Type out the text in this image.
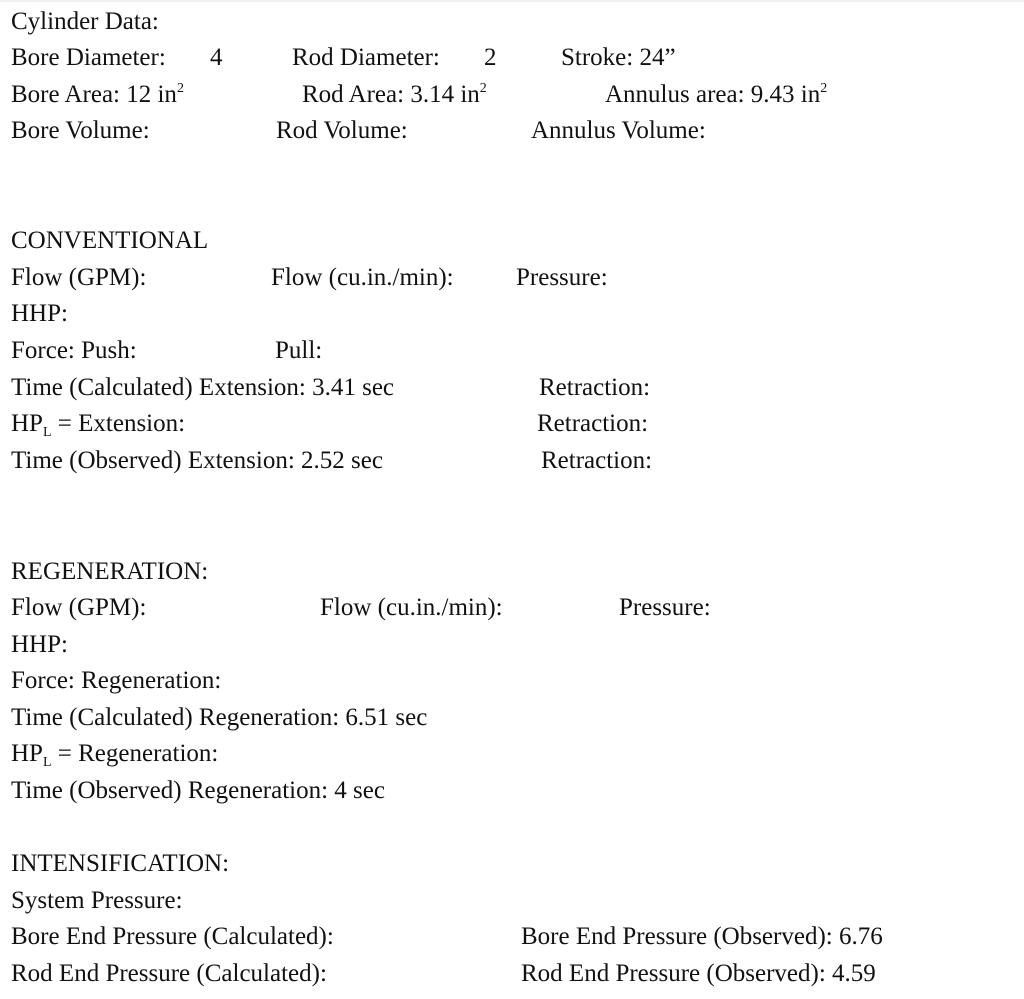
Cylinder Data:
Bore Diameter: 4	Rod Diameter: 2	Stroke: 24”
Bore Area: 12 $in^2$	Rod Area: 3.14 $in^2$	Annulus area: 9.43 $in^2$
Bore Volume:	Rod Volume:	Annulus Volume:
CONVENTIONAL
Flow (GPM):	Flow (cu.in./min): Pressure:
HHP:
Force: Push:	Pull:
Time (Calculated) Extension: 3.41 sec	Retraction:
$HP_L$ = Extension:	Retraction:
Time (Observed) Extension: 2.52 sec	Retraction:
REGENERATION:
Flow (GPM):	Flow (cu.in./min):	Pressure:
HHP:
Force: Regeneration:
Time (Calculated) Regeneration: 6.51 sec
$HP_L$ = Regeneration:
Time (Observed) Regeneration: 4 sec
INTENSIFICATION:
System Pressure:
Bore End Pressure (Calculated):	Bore End Pressure (Observed): 6.76
Rod End Pressure (Calculated):	Rod End Pressure (Observed): 4.59
